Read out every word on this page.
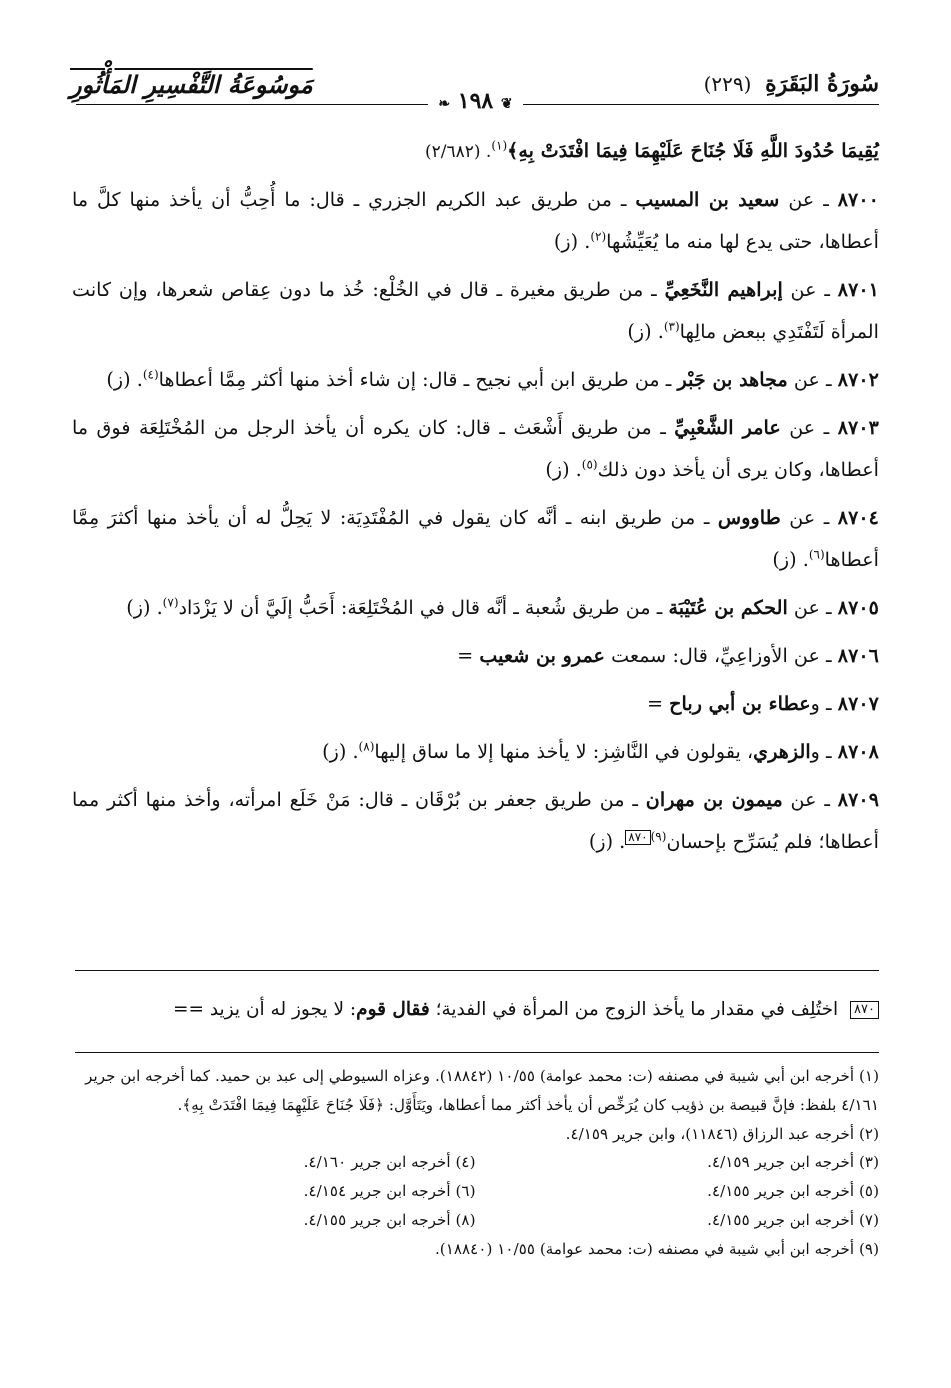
سُورَةُ البَقَرَةِ (٢٢٩)
مَوسُوعَةُ التَّفْسِيرِ المَأْثُورِ
❦ ١٩٨ ❧

يُقِيمَا حُدُودَ اللَّهِ فَلَا جُنَاحَ عَلَيْهِمَا فِيمَا افْتَدَتْ بِهِ﴾$^{(١)}$. (٢/٦٨٢)

٨٧٠٠ ـ عن سعيد بن المسيب ـ من طريق عبد الكريم الجزري ـ قال: ما أُحِبُّ أن يأخذ منها كلَّ ما أعطاها، حتى يدع لها منه ما يُعَيِّشُها$^{(٢)}$. (ز)

٨٧٠١ ـ عن إبراهيم النَّخَعِيِّ ـ من طريق مغيرة ـ قال في الخُلْع: خُذ ما دون عِقاص شعرها، وإن كانت المرأة لَتَفْتَدِي ببعض مالِها$^{(٣)}$. (ز)

٨٧٠٢ ـ عن مجاهد بن جَبْر ـ من طريق ابن أبي نجيح ـ قال: إن شاء أخذ منها أكثر مِمَّا أعطاها$^{(٤)}$. (ز)

٨٧٠٣ ـ عن عامر الشَّعْبِيِّ ـ من طريق أَشْعَث ـ قال: كان يكره أن يأخذ الرجل من المُخْتَلِعَة فوق ما أعطاها، وكان يرى أن يأخذ دون ذلك$^{(٥)}$. (ز)

٨٧٠٤ ـ عن طاووس ـ من طريق ابنه ـ أنَّه كان يقول في المُفْتَدِيَة: لا يَحِلُّ له أن يأخذ منها أكثرَ مِمَّا أعطاها$^{(٦)}$. (ز)

٨٧٠٥ ـ عن الحكم بن عُتَيْبَة ـ من طريق شُعبة ـ أنَّه قال في المُخْتَلِعَة: أَحَبُّ إلَيَّ أن لا يَزْدَاد$^{(٧)}$. (ز)

٨٧٠٦ ـ عن الأوزاعِيِّ، قال: سمعت عمرو بن شعيب =

٨٧٠٧ ـ وعطاء بن أبي رباح =

٨٧٠٨ ـ والزهري، يقولون في النَّاشِز: لا يأخذ منها إلا ما ساق إليها$^{(٨)}$. (ز)

٨٧٠٩ ـ عن ميمون بن مهران ـ من طريق جعفر بن بُرْقَان ـ قال: مَنْ خَلَع امرأته، وأخذ منها أكثر مما أعطاها؛ فلم يُسَرِّح بإحسان$^{(٩)}$٨٧٠. (ز)

٨٧٠ اختُلِف في مقدار ما يأخذ الزوج من المرأة في الفدية؛ فقال قوم: لا يجوز له أن يزيد ==

(١) أخرجه ابن أبي شيبة في مصنفه (ت: محمد عوامة) ١٠/٥٥ (١٨٨٤٢). وعزاه السيوطي إلى عبد بن حميد. كما أخرجه ابن جرير ٤/١٦١ بلفظ: فإنَّ قبيصة بن ذؤيب كان يُرَخِّص أن يأخذ أكثر مما أعطاها، ويَتَأَوَّل: ﴿فَلَا جُنَاحَ عَلَيْهِمَا فِيمَا افْتَدَتْ بِهِ﴾.

(٢) أخرجه عبد الرزاق (١١٨٤٦)، وابن جرير ٤/١٥٩.

(٣) أخرجه ابن جرير ٤/١٥٩.
(٤) أخرجه ابن جرير ٤/١٦٠.
(٥) أخرجه ابن جرير ٤/١٥٥.
(٦) أخرجه ابن جرير ٤/١٥٤.
(٧) أخرجه ابن جرير ٤/١٥٥.
(٨) أخرجه ابن جرير ٤/١٥٥.

(٩) أخرجه ابن أبي شيبة في مصنفه (ت: محمد عوامة) ١٠/٥٥ (١٨٨٤٠).
